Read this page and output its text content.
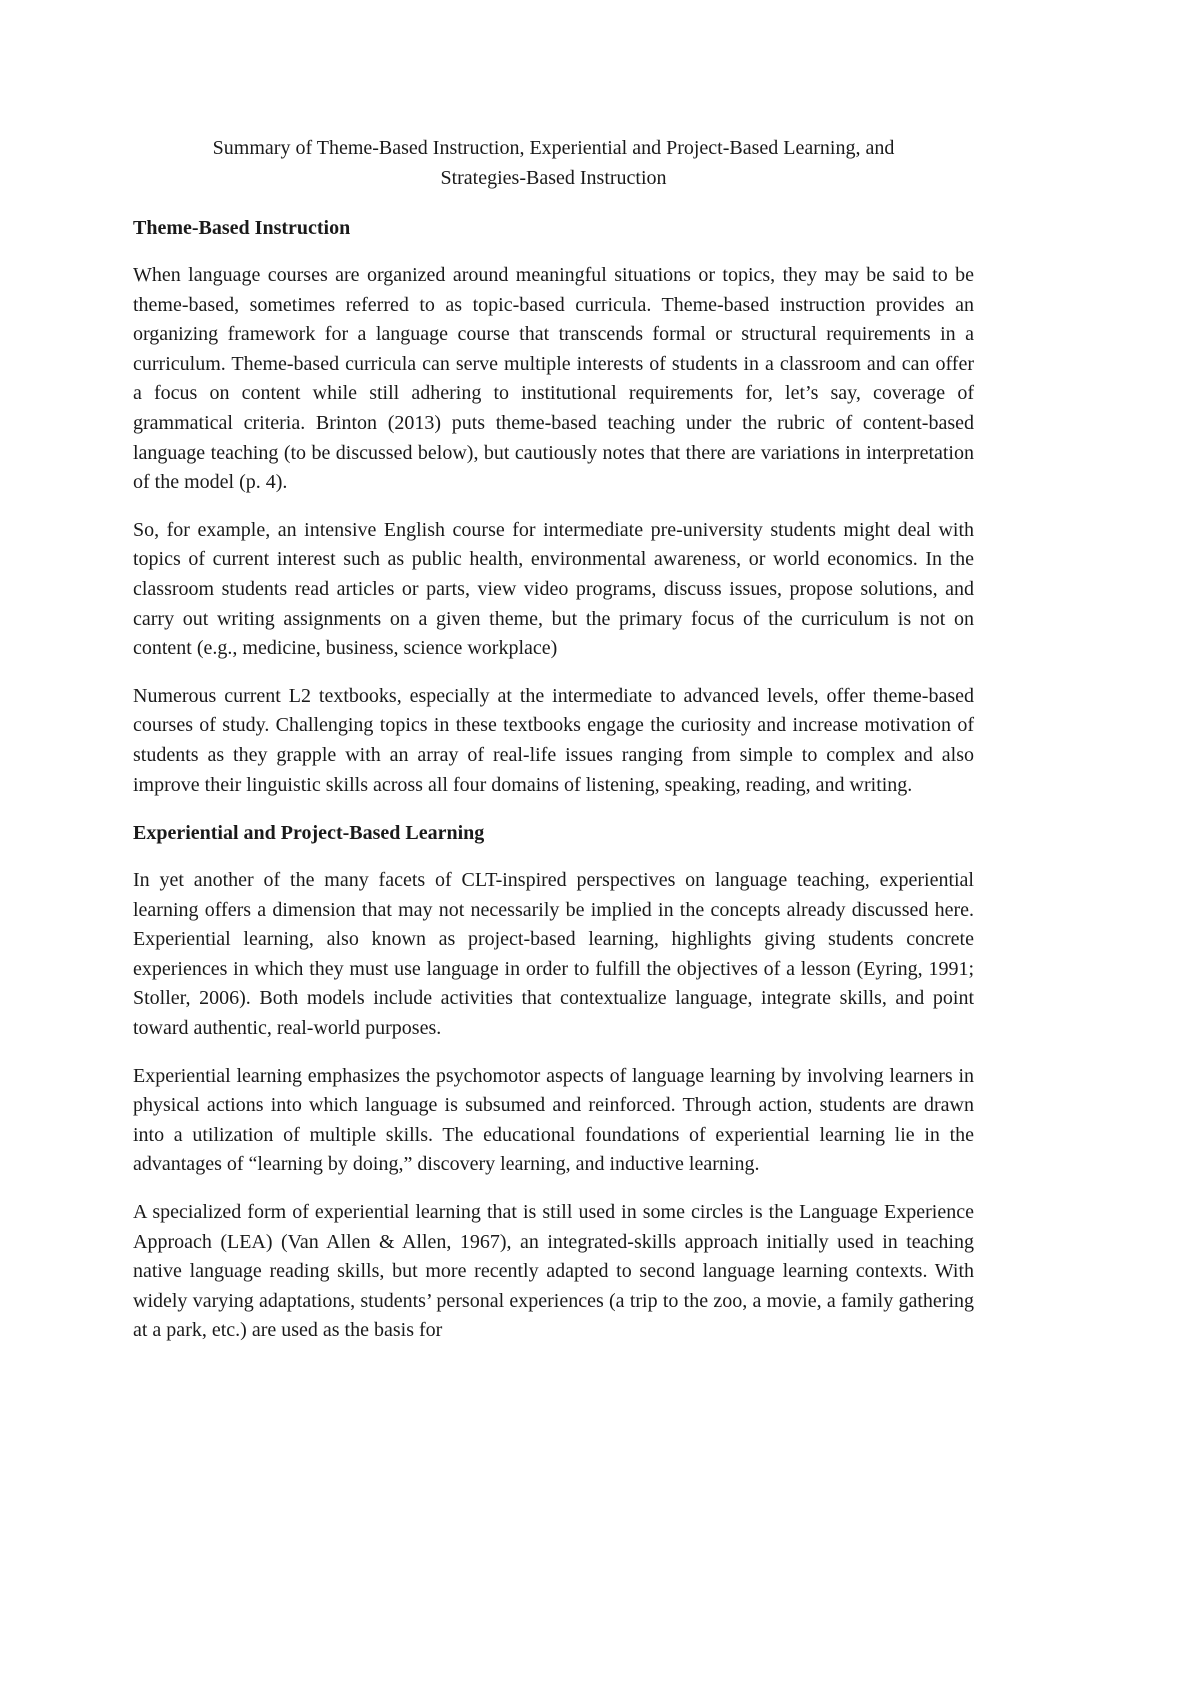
Summary of Theme-Based Instruction, Experiential and Project-Based Learning, and
Strategies-Based Instruction
Theme-Based Instruction

When language courses are organized around meaningful situations or topics, they may be said to be theme-based, sometimes referred to as topic-based curricula. Theme-based instruction provides an organizing framework for a language course that transcends formal or structural requirements in a curriculum. Theme-based curricula can serve multiple interests of students in a classroom and can offer a focus on content while still adhering to institutional requirements for, let’s say, coverage of grammatical criteria. Brinton (2013) puts theme-based teaching under the rubric of content-based language teaching (to be discussed below), but cautiously notes that there are variations in interpretation of the model (p. 4).

So, for example, an intensive English course for intermediate pre-university students might deal with topics of current interest such as public health, environmental awareness, or world economics. In the classroom students read articles or parts, view video programs, discuss issues, propose solutions, and carry out writing assignments on a given theme, but the primary focus of the curriculum is not on content (e.g., medicine, business, science workplace)

Numerous current L2 textbooks, especially at the intermediate to advanced levels, offer theme-based courses of study. Challenging topics in these textbooks engage the curiosity and increase motivation of students as they grapple with an array of real-life issues ranging from simple to complex and also improve their linguistic skills across all four domains of listening, speaking, reading, and writing.

Experiential and Project-Based Learning

In yet another of the many facets of CLT-inspired perspectives on language teaching, experiential learning offers a dimension that may not necessarily be implied in the concepts already discussed here. Experiential learning, also known as project-based learning, highlights giving students concrete experiences in which they must use language in order to fulfill the objectives of a lesson (Eyring, 1991; Stoller, 2006). Both models include activities that contextualize language, integrate skills, and point toward authentic, real-world purposes.

Experiential learning emphasizes the psychomotor aspects of language learning by involving learners in physical actions into which language is subsumed and reinforced. Through action, students are drawn into a utilization of multiple skills. The educational foundations of experiential learning lie in the advantages of “learning by doing,” discovery learning, and inductive learning.

A specialized form of experiential learning that is still used in some circles is the Language Experience Approach (LEA) (Van Allen & Allen, 1967), an integrated-skills approach initially used in teaching native language reading skills, but more recently adapted to second language learning contexts. With widely varying adaptations, students’ personal experiences (a trip to the zoo, a movie, a family gathering at a park, etc.) are used as the basis for
